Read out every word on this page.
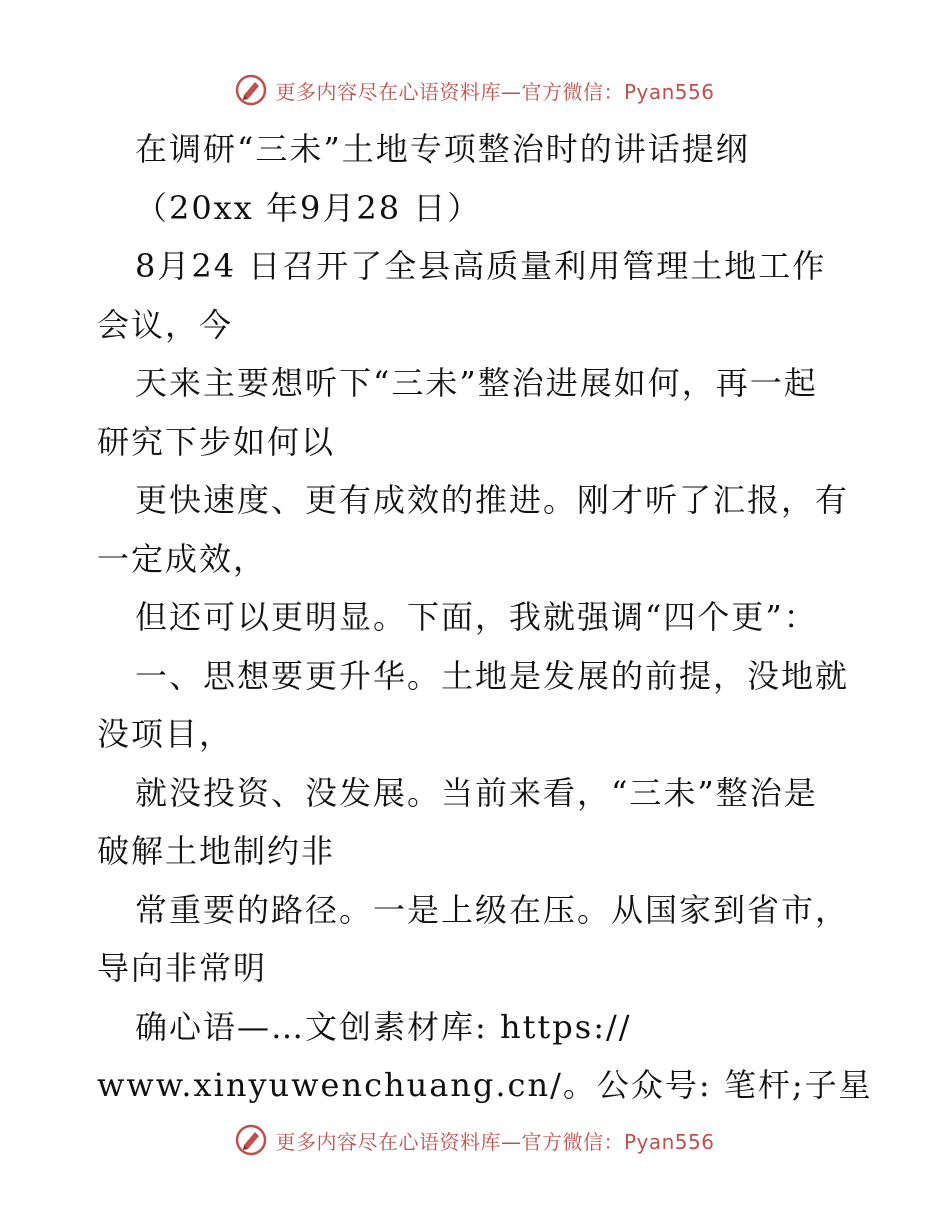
更多内容尽在心语资料库—官方微信：Pyan556
在调研“三未”土地专项整治时的讲话提纲
（20xx 年9月28 日）
8月24 日召开了全县高质量利用管理土地工作
会议，今
天来主要想听下“三未”整治进展如何，再一起
研究下步如何以
更快速度、更有成效的推进。刚才听了汇报，有
一定成效，
但还可以更明显。下面，我就强调“四个更”：
一、思想要更升华。土地是发展的前提，没地就
没项目，
就没投资、没发展。当前来看，“三未”整治是
破解土地制约非
常重要的路径。一是上级在压。从国家到省市，
导向非常明
确心语—…文创素材库: https://
www.xinyuwenchuang.cn/。公众号: 笔杆;子星
更多内容尽在心语资料库—官方微信：Pyan556
